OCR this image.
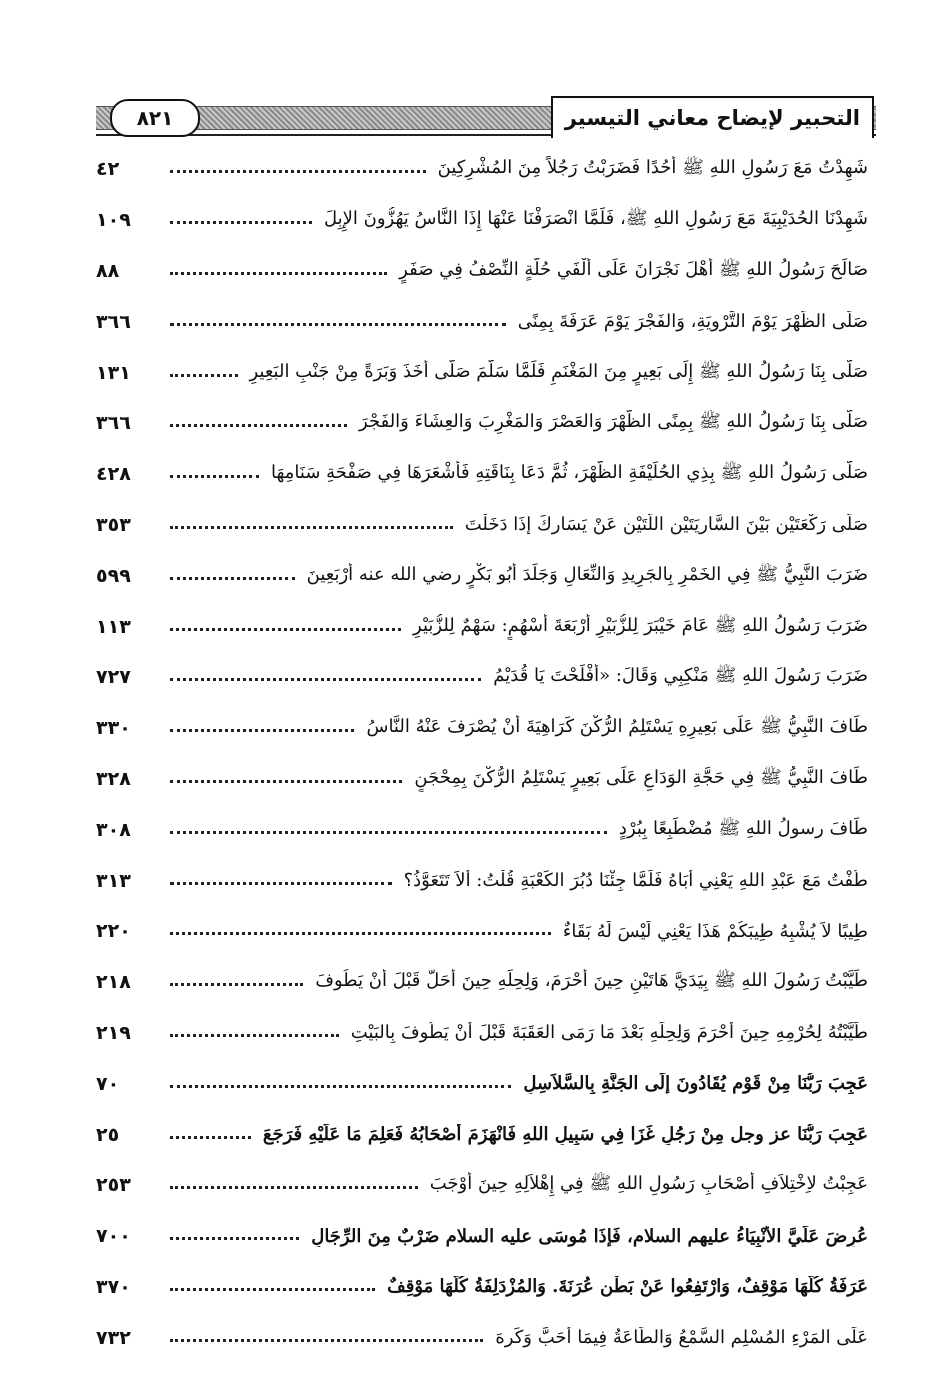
٨٢١	التحبير لإيضاح معاني التيسير
شَهِدْتُ مَعَ رَسُولِ اللهِ ﷺ أُحُدًا فَضَرَبْتُ رَجُلاً مِنَ المُشْرِكِينَ
٤٢
شَهِدْنَا الحُدَيْبِيَةَ مَعَ رَسُولِ اللهِ ﷺ، فَلَمَّا انْصَرَفْنَا عَنْهَا إِذَا النَّاسُ يَهُزُّونَ الإِبِلَ
١٠٩
صَالَحَ رَسُولُ اللهِ ﷺ أَهْلَ نَجْرَانَ عَلَى أَلْفَي حُلَّةٍ النِّصْفُ فِي صَفَرٍ
٨٨
صَلَّى الظُّهْرَ يَوْمَ التَّرْوِيَةِ، وَالفَجْرَ يَوْمَ عَرَفَةَ بِمِنًى
٣٦٦
صَلَّى بِنَا رَسُولُ اللهِ ﷺ إِلَى بَعِيرٍ مِنَ المَغْنَمِ فَلَمَّا سَلَّمَ صَلَّى أَخَذَ وَبَرَةً مِنْ جَنْبِ البَعِيرِ
١٣١
صَلَّى بِنَا رَسُولُ اللهِ ﷺ بِمِنًى الظُّهْرَ وَالعَصْرَ وَالمَغْرِبَ وَالعِشَاءَ وَالفَجْرَ
٣٦٦
صَلَّى رَسُولُ اللهِ ﷺ بِذِي الحُلَيْفَةِ الظُّهْرَ، ثُمَّ دَعَا بِنَاقَتِهِ فَأَشْعَرَهَا فِي صَفْحَةِ سَنَامِهَا
٤٢٨
صَلَّى رَكْعَتَيْنِ بَيْنَ السَّارِيَتَيْنِ اللَّتَيْنِ عَنْ يَسَارِكَ إِذَا دَخَلْتَ
٣٥٣
ضَرَبَ النَّبِيُّ ﷺ فِي الخَمْرِ بِالجَرِيدِ وَالنِّعَالِ وَجَلَدَ أَبُو بَكْرٍ رضي الله عنه أَرْبَعِينَ
٥٩٩
ضَرَبَ رَسُولُ اللهِ ﷺ عَامَ خَيْبَرَ لِلزُّبَيْرِ أَرْبَعَةَ أَسْهُمٍ: سَهْمٌ لِلزُّبَيْرِ
١١٣
ضَرَبَ رَسُولَ اللهِ ﷺ مَنْكِبِي وَقَالَ: «أَفْلَحْتَ يَا قُدَيْمُ
٧٢٧
طَافَ النَّبِيُّ ﷺ عَلَى بَعِيرِهِ يَسْتَلِمُ الرُّكْنَ كَرَاهِيَةَ أَنْ يُصْرَفَ عَنْهُ النَّاسُ
٣٣٠
طَافَ النَّبِيُّ ﷺ فِي حَجَّةِ الوَدَاعِ عَلَى بَعِيرٍ يَسْتَلِمُ الرُّكْنَ بِمِحْجَنٍ
٣٢٨
طَافَ رسولُ اللهِ ﷺ مُضْطَبِعًا بِبُرْدٍ
٣٠٨
طُفْتُ مَعَ عَبْدِ اللهِ يَعْنِي أَبَاهُ فَلَمَّا جِئْنَا دُبُرَ الكَعْبَةِ قُلْتُ: أَلاَ تَتَعَوَّذُ؟
٣١٣
طِيبًا لاَ يُشْبِهُ طِيبَكُمْ هَذَا يَعْنِي لَيْسَ لَهُ بَقَاءٌ
٢٢٠
طَيَّبْتُ رَسُولَ اللهِ ﷺ بِيَدَيَّ هَاتَيْنِ حِينَ أَحْرَمَ، وَلِحِلِّهِ حِينَ أَحَلَّ قَبْلَ أَنْ يَطُوفَ
٢١٨
طَيَّبْتُهُ لِحُرْمِهِ حِينَ أَحْرَمَ وَلِحِلِّهِ بَعْدَ مَا رَمَى العَقَبَةَ قَبْلَ أَنْ يَطُوفَ بِالبَيْتِ
٢١٩
عَجِبَ رَبُّنَا مِنْ قَوْمٍ يُقَادُونَ إِلَى الجَنَّةِ بِالسَّلاَسِلِ
٧٠
عَجِبَ رَبُّنَا عز وجل مِنْ رَجُلٍ غَزَا فِي سَبِيلِ اللهِ فَانْهَزَمَ أَصْحَابُهُ فَعَلِمَ مَا عَلَيْهِ فَرَجَعَ
٢٥
عَجِبْتُ لاِخْتِلاَفِ أَصْحَابِ رَسُولِ اللهِ ﷺ فِي إِهْلاَلِهِ حِينَ أَوْجَبَ
٢٥٣
عُرِضَ عَلَيَّ الأَنْبِيَاءُ عليهم السلام، فَإِذَا مُوسَى عليه السلام ضَرْبٌ مِنَ الرِّجَالِ
٧٠٠
عَرَفَةُ كُلُّهَا مَوْقِفٌ، وَارْتَفِعُوا عَنْ بَطْنِ عُرَنَةَ. وَالمُزْدَلِفَةُ كُلُّهَا مَوْقِفٌ
٣٧٠
عَلَى المَرْءِ المُسْلِمِ السَّمْعُ وَالطَّاعَةُ فِيمَا أَحَبَّ وَكَرِهَ
٧٣٢
